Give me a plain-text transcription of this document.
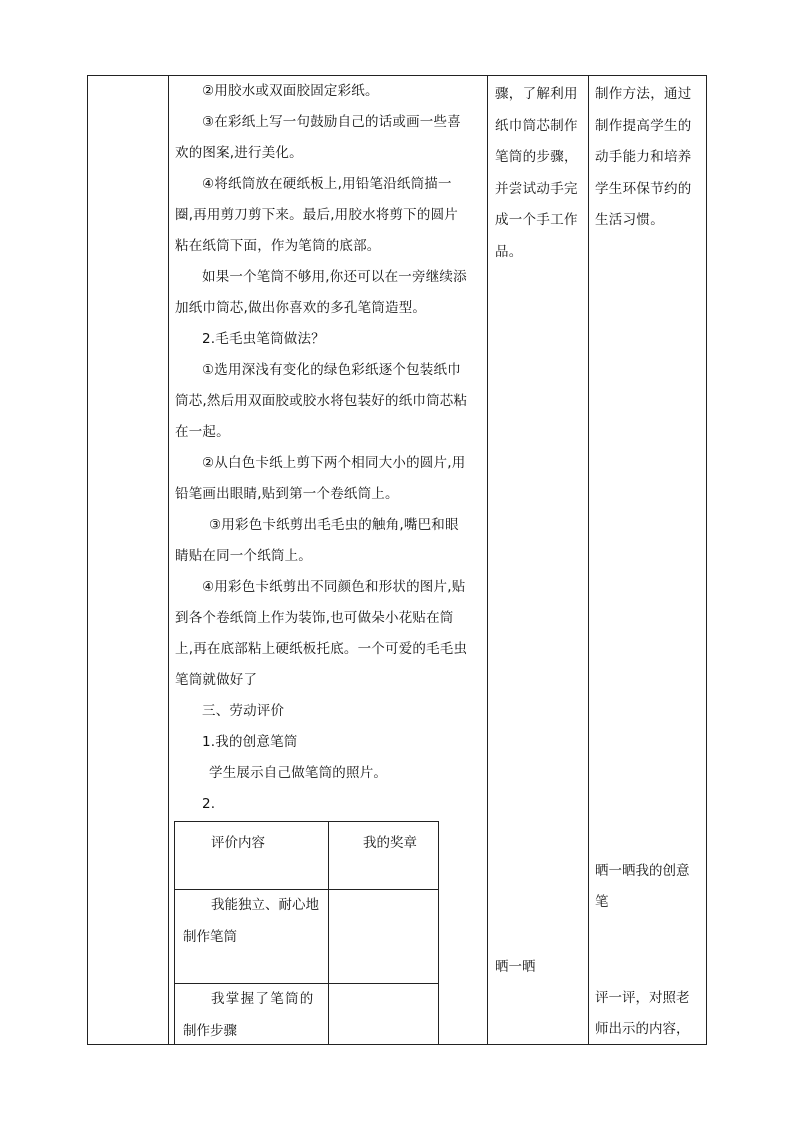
②用胶水或双面胶固定彩纸。

③在彩纸上写一句鼓励自己的话或画一些喜

欢的图案,进行美化。

④将纸筒放在硬纸板上,用铅笔沿纸筒描一

圈,再用剪刀剪下来。最后,用胶水将剪下的圆片

粘在纸筒下面，作为笔筒的底部。

如果一个笔筒不够用,你还可以在一旁继续添

加纸巾筒芯,做出你喜欢的多孔笔筒造型。

2.毛毛虫笔筒做法？

①选用深浅有变化的绿色彩纸逐个包装纸巾

筒芯,然后用双面胶或胶水将包装好的纸巾筒芯粘

在一起。

②从白色卡纸上剪下两个相同大小的圆片,用

铅笔画出眼睛,贴到第一个卷纸筒上。

③用彩色卡纸剪出毛毛虫的触角,嘴巴和眼

睛贴在同一个纸筒上。

④用彩色卡纸剪出不同颜色和形状的图片,贴

到各个卷纸筒上作为装饰,也可做朵小花贴在筒

上,再在底部粘上硬纸板托底。一个可爱的毛毛虫

笔筒就做好了

三、劳动评价

1.我的创意笔筒

学生展示自己做笔筒的照片。

2.

评价内容	我的奖章
我能独立、耐心地
制作笔筒
我掌握了笔筒的
制作步骤

骤，了解利用

纸巾筒芯制作

笔筒的步骤，

并尝试动手完

成一个手工作

品。

晒一晒

制作方法，通过

制作提高学生的

动手能力和培养

学生环保节约的

生活习惯。

晒一晒我的创意
笔
评一评，对照老
师出示的内容，
